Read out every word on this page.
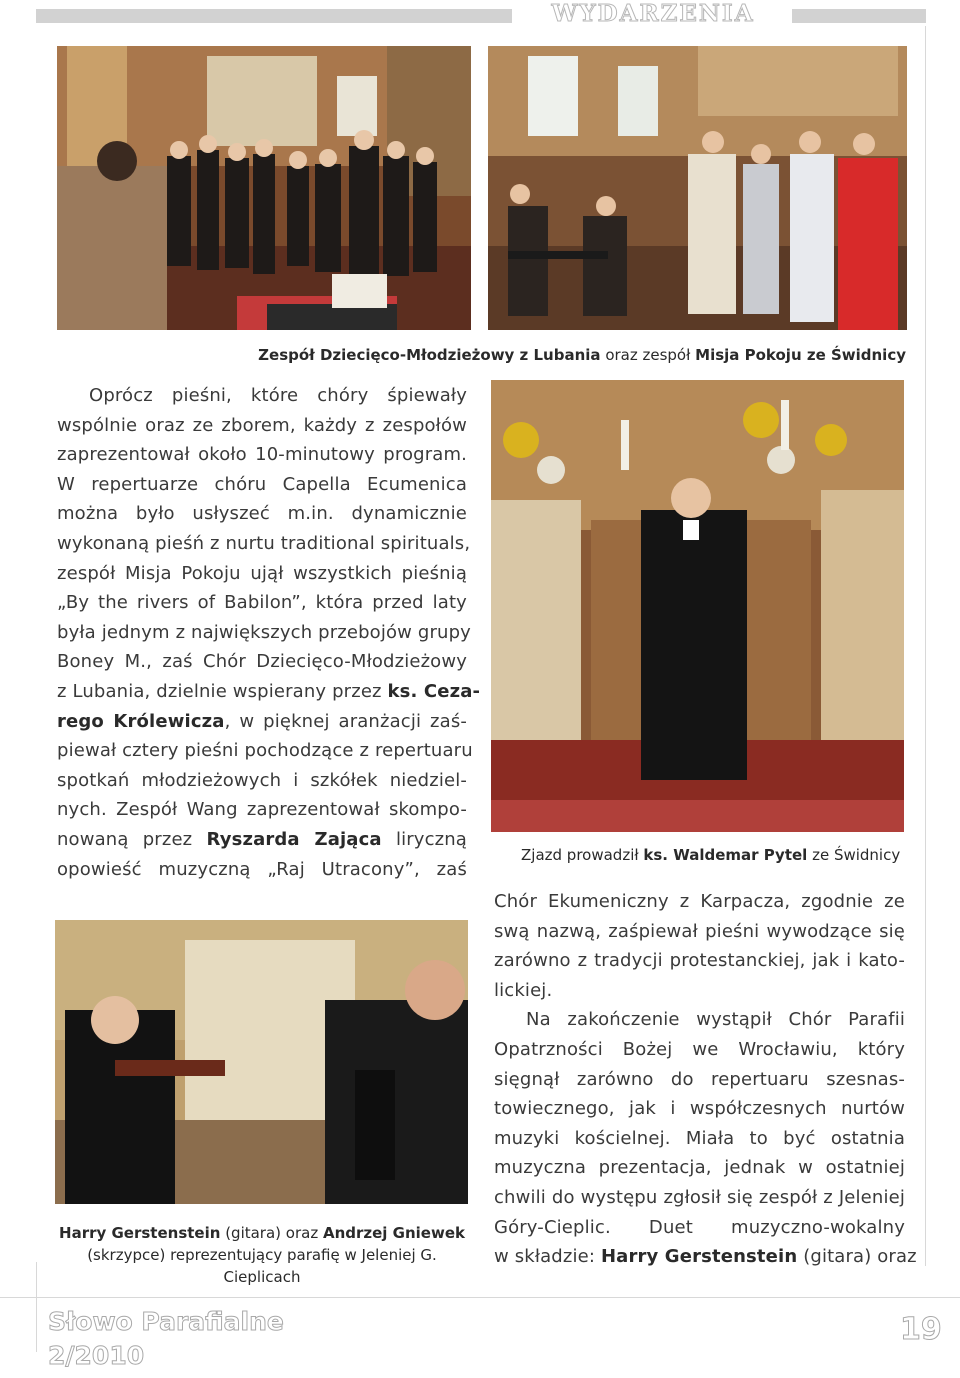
WYDARZENIA
Zespół Dziecięco-Młodzieżowy z Lubania oraz zespół Misja Pokoju ze Świdnicy
Oprócz pieśni, które chóry śpiewały
wspólnie oraz ze zborem, każdy z zespołów
zaprezentował około 10-minutowy program.
W repertuarze chóru Capella Ecumenica
można było usłyszeć m.in. dynamicznie
wykonaną pieśń z nurtu traditional spirituals,
zespół Misja Pokoju ujął wszystkich pieśnią
„By the rivers of Babilon”, która przed laty
była jednym z największych przebojów grupy
Boney M., zaś Chór Dziecięco-Młodzieżowy
z Lubania, dzielnie wspierany przez ks. Ceza-
rego Królewicza, w pięknej aranżacji zaś-
piewał cztery pieśni pochodzące z repertuaru
spotkań młodzieżowych i szkółek niedziel-
nych. Zespół Wang zaprezentował skompo-
nowaną przez Ryszarda Zająca liryczną
opowieść muzyczną „Raj Utracony”, zaś
Zjazd prowadził ks. Waldemar Pytel ze Świdnicy
Chór Ekumeniczny z Karpacza, zgodnie ze
swą nazwą, zaśpiewał pieśni wywodzące się
zarówno z tradycji protestanckiej, jak i kato-
lickiej.
Na zakończenie wystąpił Chór Parafii
Opatrzności Bożej we Wrocławiu, który
sięgnął zarówno do repertuaru szesnas-
towiecznego, jak i współczesnych nurtów
muzyki kościelnej. Miała to być ostatnia
muzyczna prezentacja, jednak w ostatniej
chwili do występu zgłosił się zespół z Jeleniej
Góry-Cieplic. Duet muzyczno-wokalny
w składzie: Harry Gerstenstein (gitara) oraz
Harry Gerstenstein (gitara) oraz Andrzej Gniewek (skrzypce) reprezentujący parafię w Jeleniej G. Cieplicach
Słowo Parafialne
2/2010
19
